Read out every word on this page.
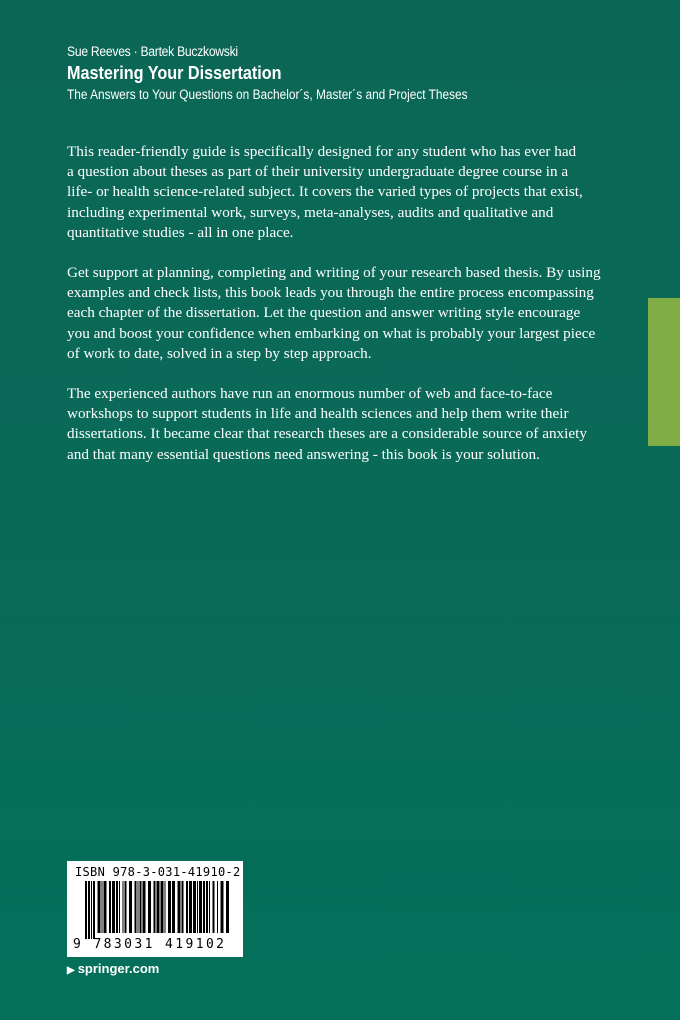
Sue Reeves · Bartek Buczkowski
Mastering Your Dissertation
The Answers to Your Questions on Bachelor´s, Master´s and Project Theses
This reader-friendly guide is specifically designed for any student who has ever had
a question about theses as part of their university undergraduate degree course in a
life- or health science-related subject. It covers the varied types of projects that exist,
including experimental work, surveys, meta-analyses, audits and qualitative and
quantitative studies - all in one place.
Get support at planning, completing and writing of your research based thesis. By using
examples and check lists, this book leads you through the entire process encompassing
each chapter of the dissertation. Let the question and answer writing style encourage
you and boost your confidence when embarking on what is probably your largest piece
of work to date, solved in a step by step approach.
The experienced authors have run an enormous number of web and face-to-face
workshops to support students in life and health sciences and help them write their
dissertations. It became clear that research theses are a considerable source of anxiety
and that many essential questions need answering - this book is your solution.
ISBN 978-3-031-41910-2
9 783031 419102
▶ springer.com
